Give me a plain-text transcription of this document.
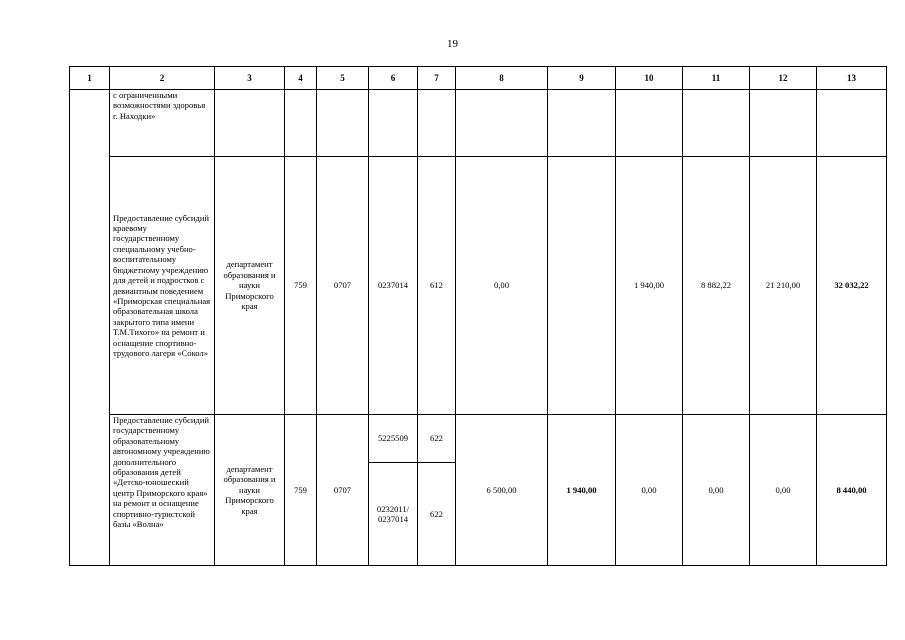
19
1	2	3	4	5	6	7	8	9	10	11	12	13
	с ограниченными возможностями здоровья г. Находки»											
	Предоставление субсидий краевому государственному специальному учебно-воспитательному бюджетному учреждению для детей и подростков с девиантным поведением «Приморская специальная образовательная школа закрытого типа имени Т.М.Тихого» на ремонт и оснащение спортивно-трудового лагеря «Сокол»	департамент образования и науки Приморского края	759	0707	0237014	612	0,00		1 940,00	8 882,22	21 210,00	32 032,22
	Предоставление субсидий государственному образовательному автономному учреждению дополнительного образования детей «Детско-юношеский центр Приморского края» на ремонт и оснащение спортивно-туристской базы «Волна»	департамент образования и науки Приморского края	759	0707	5225509	622	6 500,00	1 940,00	0,00	0,00	0,00	8 440,00
					0232011/ 0237014	622						
